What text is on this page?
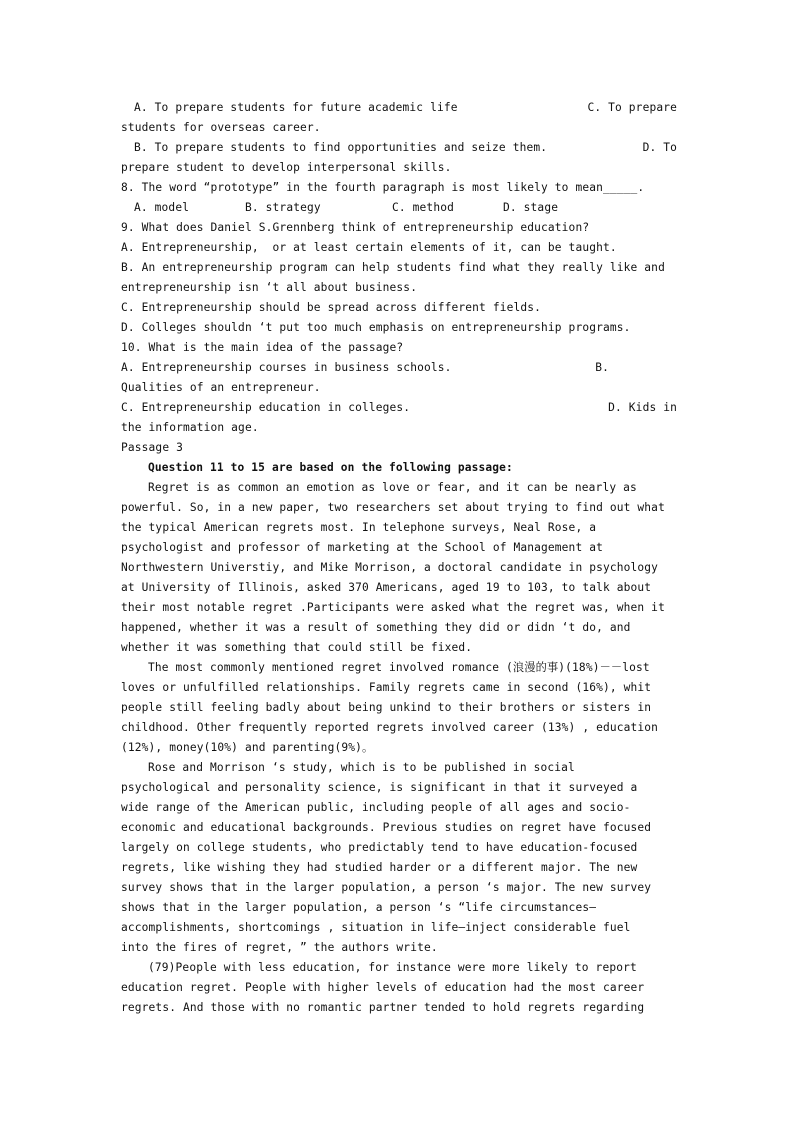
A. To prepare students for future academic life	C. To prepare
students for overseas career.
B. To prepare students to find opportunities and seize them.	D. To
prepare student to develop interpersonal skills.
8. The word “prototype” in the fourth paragraph is most likely to mean_____.
A. model	B. strategy	C. method	D. stage
9. What does Daniel S.Grennberg think of entrepreneurship education?
A. Entrepreneurship,  or at least certain elements of it, can be taught.
B. An entrepreneurship program can help students find what they really like and
entrepreneurship isn ‘t all about business.
C. Entrepreneurship should be spread across different fields.
D. Colleges shouldn ‘t put too much emphasis on entrepreneurship programs.
10. What is the main idea of the passage?
A. Entrepreneurship courses in business schools.	B.
Qualities of an entrepreneur.
C. Entrepreneurship education in colleges.	D. Kids in
the information age.
Passage 3
Question 11 to 15 are based on the following passage:
Regret is as common an emotion as love or fear, and it can be nearly as
powerful. So, in a new paper, two researchers set about trying to find out what
the typical American regrets most. In telephone surveys, Neal Rose, a
psychologist and professor of marketing at the School of Management at
Northwestern Universtiy, and Mike Morrison, a doctoral candidate in psychology
at University of Illinois, asked 370 Americans, aged 19 to 103, to talk about
their most notable regret .Participants were asked what the regret was, when it
happened, whether it was a result of something they did or didn ‘t do, and
whether it was something that could still be fixed.
The most commonly mentioned regret involved romance (浪漫的事)(18%)－－lost
loves or unfulfilled relationships. Family regrets came in second (16%), whit
people still feeling badly about being unkind to their brothers or sisters in
childhood. Other frequently reported regrets involved career (13%) , education
(12%), money(10%) and parenting(9%)。
Rose and Morrison ‘s study, which is to be published in social
psychological and personality science, is significant in that it surveyed a
wide range of the American public, including people of all ages and socio-
economic and educational backgrounds. Previous studies on regret have focused
largely on college students, who predictably tend to have education-focused
regrets, like wishing they had studied harder or a different major. The new
survey shows that in the larger population, a person ‘s major. The new survey
shows that in the larger population, a person ‘s “life circumstances—
accomplishments, shortcomings , situation in life—inject considerable fuel
into the fires of regret, ” the authors write.
(79)People with less education, for instance were more likely to report
education regret. People with higher levels of education had the most career
regrets. And those with no romantic partner tended to hold regrets regarding
